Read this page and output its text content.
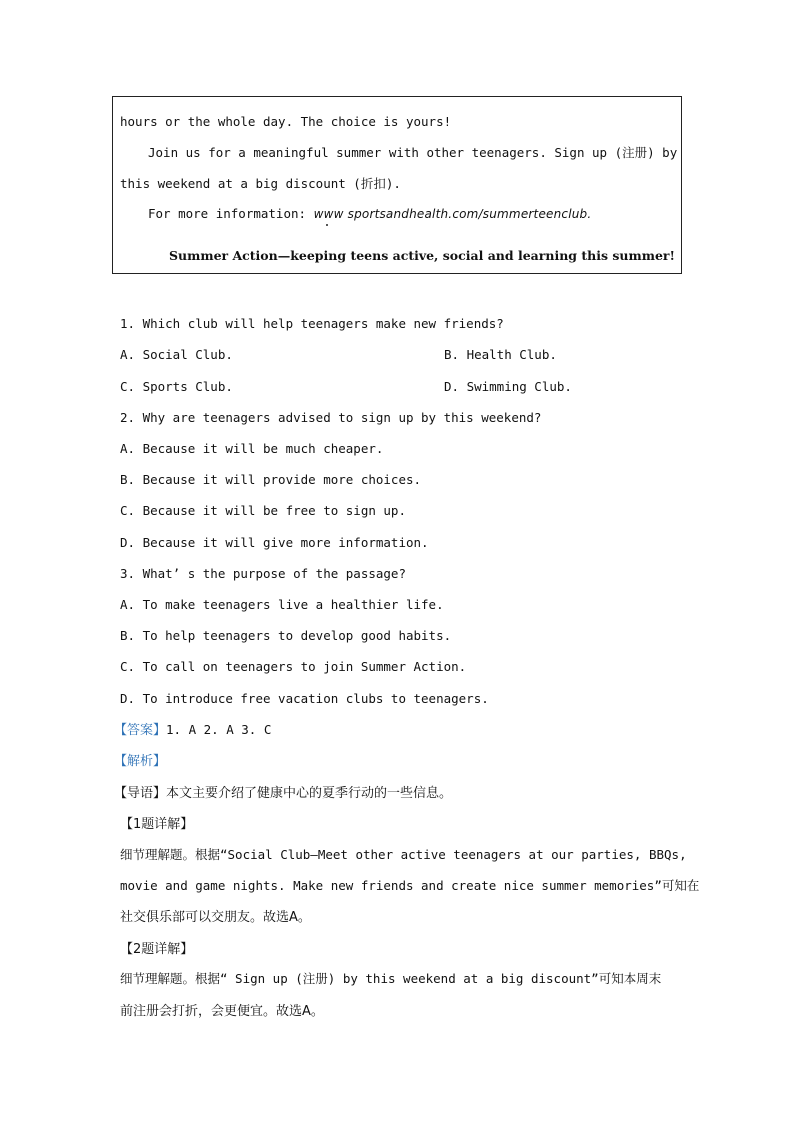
hours or the whole day. The choice is yours!
Join us for a meaningful summer with other teenagers. Sign up (注册) by
this weekend at a big discount (折扣).
For more information: www sportsandhealth.com/summerteenclub.
Summer Action—keeping teens active, social and learning this summer!
1. Which club will help teenagers make new friends?
A. Social Club.	B. Health Club.
C. Sports Club.	D. Swimming Club.
2. Why are teenagers advised to sign up by this weekend?
A. Because it will be much cheaper.
B. Because it will provide more choices.
C. Because it will be free to sign up.
D. Because it will give more information.
3. What’ s the purpose of the passage?
A. To make teenagers live a healthier life.
B. To help teenagers to develop good habits.
C. To call on teenagers to join Summer Action.
D. To introduce free vacation clubs to teenagers.
【答案】1. A 2. A 3. C
【解析】
【导语】本文主要介绍了健康中心的夏季行动的一些信息。
【1题详解】
细节理解题。根据“Social Club—Meet other active teenagers at our parties, BBQs,
movie and game nights. Make new friends and create nice summer memories”可知在
社交俱乐部可以交朋友。故选A。
【2题详解】
细节理解题。根据“ Sign up (注册) by this weekend at a big discount”可知本周末
前注册会打折，会更便宜。故选A。
